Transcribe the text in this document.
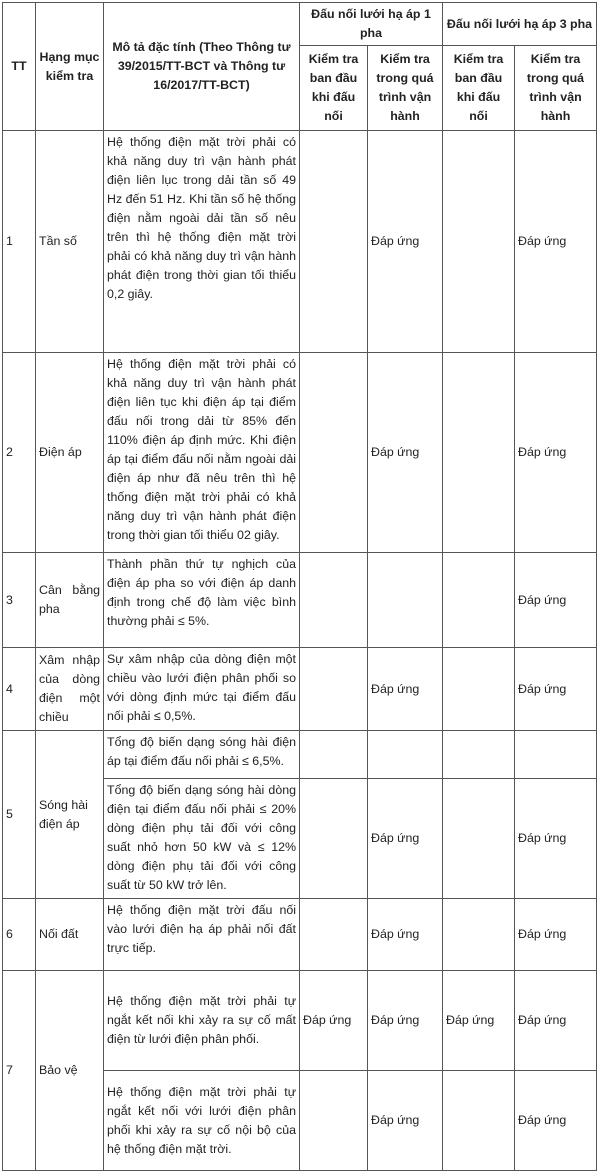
TT	Hạng mục kiểm tra	Mô tả đặc tính (Theo Thông tư 39/2015/TT-BCT và Thông tư 16/2017/TT-BCT)	Đấu nối lưới hạ áp 1 pha		Đấu nối lưới hạ áp 3 pha	
			Kiểm tra ban đầu khi đấu nối	Kiểm tra trong quá trình vận hành	Kiểm tra ban đầu khi đấu nối	Kiểm tra trong quá trình vận hành
1	Tần số	Hệ thống điện mặt trời phải có khả năng duy trì vận hành phát điện liên lục trong dải tần số 49 Hz đến 51 Hz. Khi tần số hệ thống điện nằm ngoài dải tần số nêu trên thì hệ thống điện mặt trời phải có khả năng duy trì vận hành phát điện trong thời gian tối thiểu 0,2 giây.		Đáp ứng		Đáp ứng
2	Điện áp	Hệ thống điện mặt trời phải có khả năng duy trì vận hành phát điện liên tục khi điện áp tại điểm đấu nối trong dải từ 85% đến 110% điện áp định mức. Khi điện áp tại điểm đấu nối nằm ngoài dải điện áp như đã nêu trên thì hệ thống điện mặt trời phải có khả năng duy trì vận hành phát điện trong thời gian tối thiểu 02 giây.		Đáp ứng		Đáp ứng
3	Cân bằng pha	Thành phần thứ tự nghịch của điện áp pha so với điện áp danh định trong chế độ làm việc bình thường phải ≤ 5%.				Đáp ứng
4	Xâm nhập của dòng điện một chiều	Sự xâm nhập của dòng điện một chiều vào lưới điện phân phối so với dòng định mức tại điểm đấu nối phải ≤ 0,5%.		Đáp ứng		Đáp ứng
5	Sóng hài điện áp	Tổng độ biến dạng sóng hài điện áp tại điểm đấu nối phải ≤ 6,5%.				
		Tổng độ biến dạng sóng hài dòng điện tại điểm đấu nối phải ≤ 20% dòng điện phụ tải đối với công suất nhỏ hơn 50 kW và ≤ 12% dòng điện phụ tải đối với công suất từ 50 kW trở lên.		Đáp ứng		Đáp ứng
6	Nối đất	Hệ thống điện mặt trời đấu nối vào lưới điện hạ áp phải nối đất trực tiếp.		Đáp ứng		Đáp ứng
7	Bảo vệ	Hệ thống điện mặt trời phải tự ngắt kết nối khi xảy ra sự cố mất điện từ lưới điện phân phối.	Đáp ứng	Đáp ứng	Đáp ứng	Đáp ứng
		Hệ thống điện mặt trời phải tự ngắt kết nối với lưới điện phân phối khi xảy ra sự cố nội bộ của hệ thống điện mặt trời.		Đáp ứng		Đáp ứng
